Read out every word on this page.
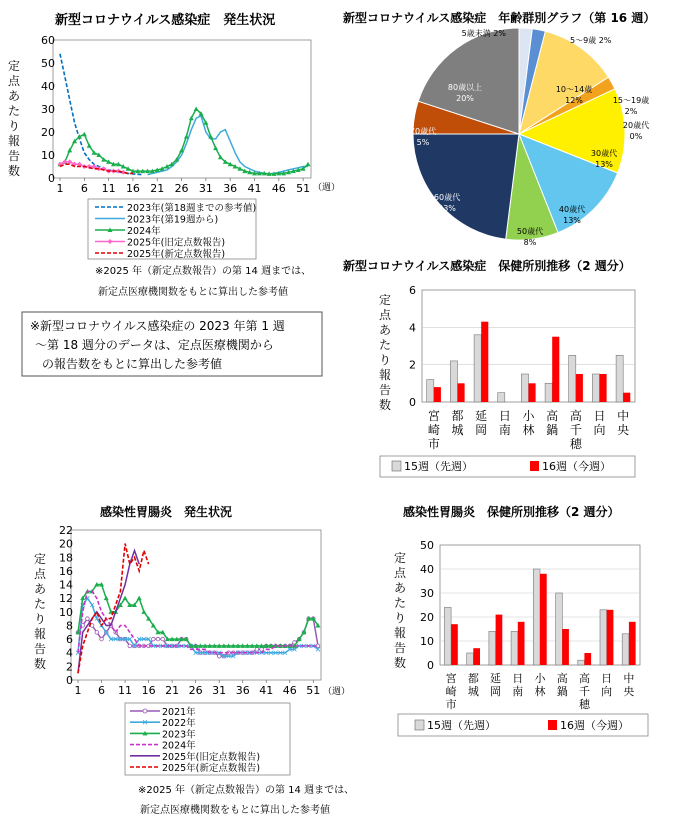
新型コロナウイルス感染症　発生状況
定
点
あ
た
り
報
告
数
0
10
20
30
40
50
60
1 6 11 16 21 26 31 36 41 46 51 （週）
2023年(第18週までの参考値)
2023年(第19週から)
2024年
2025年(旧定点数報告)
2025年(新定点数報告)
※2025 年（新定点数報告）の第 14 週までは、
新定点医療機関数をもとに算出した参考値
※新型コロナウイルス感染症の 2023 年第 1 週
～第 18 週分のデータは、定点医療機関から
の報告数をもとに算出した参考値
新型コロナウイルス感染症　年齢群別グラフ（第 16 週）
5歳未満 2%
5～9歳 2%
10～14歳
12%	15～19歳
2%
20歳代
0%
30歳代
13%
40歳代
13%
50歳代
8%
60歳代
23%
70歳代
5%
80歳以上
20%
新型コロナウイルス感染症　保健所別推移（2 週分）
定
点
あ
た
り
報
告
数 0
2
4
6
宮
崎
市
都
城
延
岡
日
南
小
林
高
鍋
高
千
穂
日
向
中
央
15週（先週）	16週（今週）
感染性胃腸炎　発生状況
定
点
あ
た
り
報
告
数
0
2
4
6
8
10
12
14
16
18
20
22
1 6 11 16 21 26 31 36 41 46 51 （週）
2021年
2022年
2023年
2024年
2025年(旧定点数報告)
2025年(新定点数報告)
※2025 年（新定点数報告）の第 14 週までは、
新定点医療機関数をもとに算出した参考値
感染性胃腸炎　保健所別推移（2 週分）
定
点
あ
た
り
報
告
数 0
10
20
30
40
50
宮
崎
市
都
城
延
岡
日
南
小
林
高
鍋
高
千
穂
日
向
中
央
15週（先週）	16週（今週）
